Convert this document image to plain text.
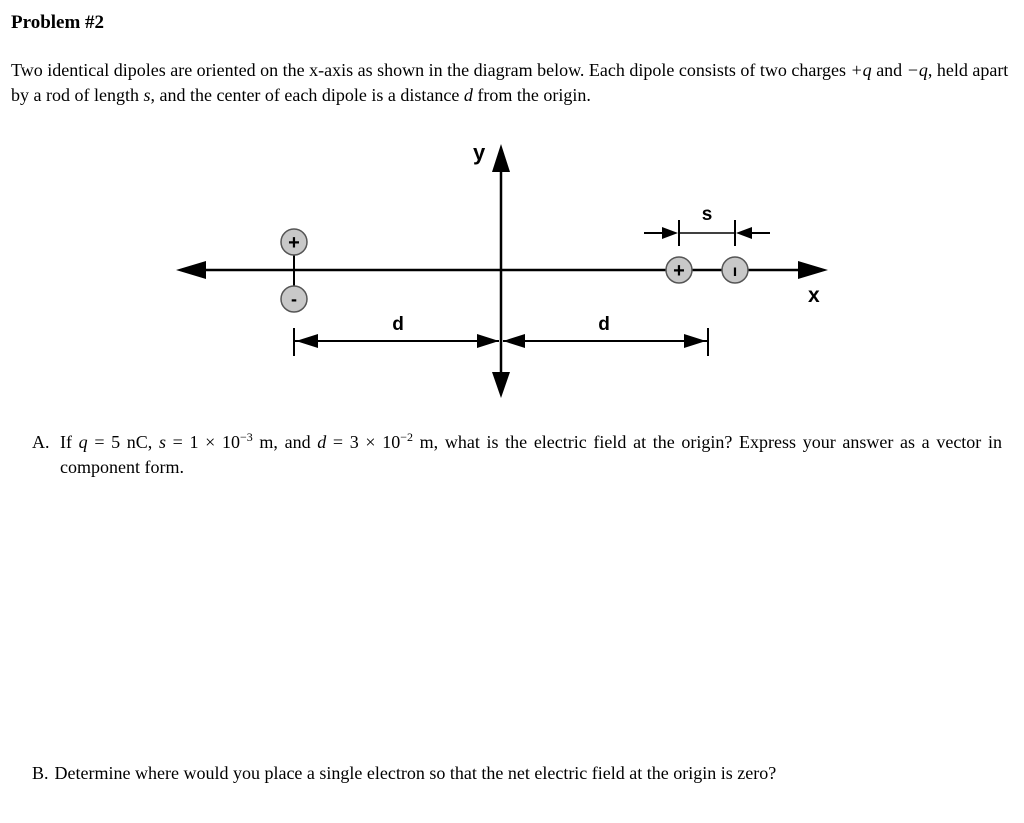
Problem #2
Two identical dipoles are oriented on the x-axis as shown in the diagram below. Each dipole consists of two charges +q and −q, held apart by a rod of length s, and the center of each dipole is a distance d from the origin.
y
x
+
-
+	ı
s
d	d
A. If q = 5 nC, $s = 1 \times 10^{-3}$ m, and $d = 3 \times 10^{-2}$ m, what is the electric field at the origin? Express your answer as a vector in component form.
B. Determine where would you place a single electron so that the net electric field at the origin is zero?
